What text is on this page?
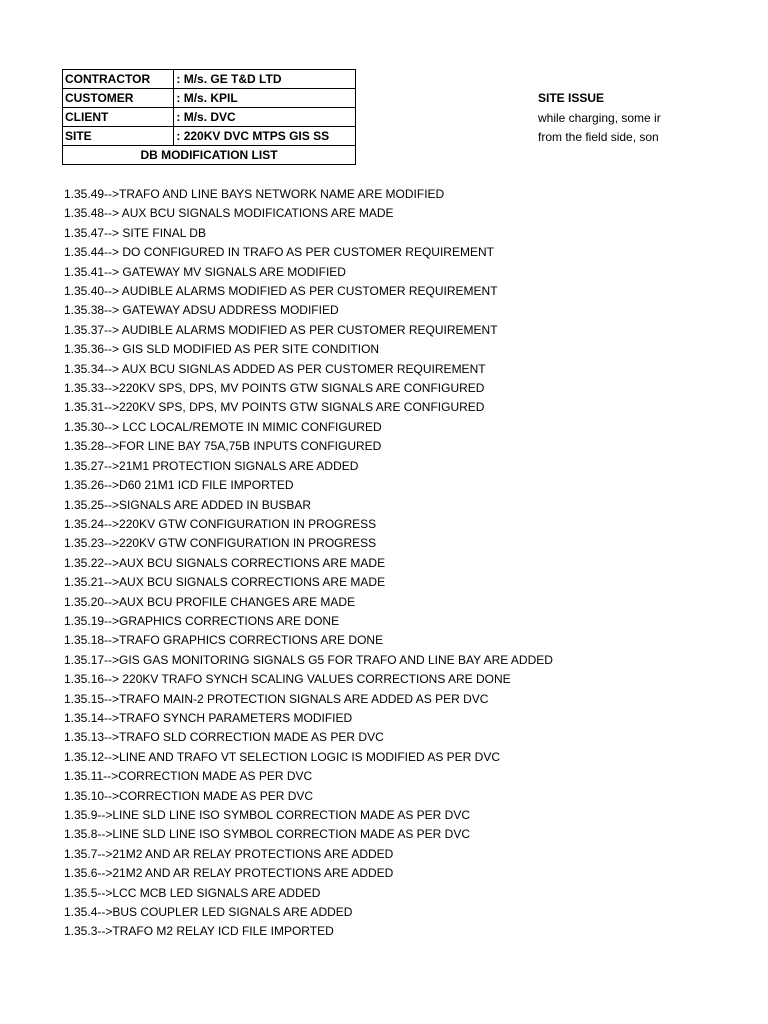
CONTRACTOR	: M/s. GE T&D LTD
CUSTOMER	: M/s. KPIL
CLIENT	: M/s. DVC
SITE	: 220KV DVC MTPS GIS SS
DB MODIFICATION LIST	
SITE ISSUE
while charging, some ir
from the field side, son
1.35.49-->TRAFO AND LINE BAYS NETWORK NAME ARE MODIFIED
1.35.48--> AUX BCU SIGNALS MODIFICATIONS ARE MADE
1.35.47--> SITE FINAL DB
1.35.44--> DO CONFIGURED IN TRAFO AS PER CUSTOMER REQUIREMENT
1.35.41--> GATEWAY MV SIGNALS ARE MODIFIED
1.35.40--> AUDIBLE ALARMS MODIFIED AS PER CUSTOMER REQUIREMENT
1.35.38--> GATEWAY ADSU ADDRESS MODIFIED
1.35.37--> AUDIBLE ALARMS MODIFIED AS PER CUSTOMER REQUIREMENT
1.35.36--> GIS SLD MODIFIED AS PER SITE CONDITION
1.35.34--> AUX BCU SIGNLAS ADDED AS PER CUSTOMER REQUIREMENT
1.35.33-->220KV SPS, DPS, MV POINTS GTW SIGNALS ARE CONFIGURED
1.35.31-->220KV SPS, DPS, MV POINTS GTW SIGNALS ARE CONFIGURED
1.35.30--> LCC LOCAL/REMOTE IN MIMIC CONFIGURED
1.35.28-->FOR LINE BAY 75A,75B INPUTS CONFIGURED
1.35.27-->21M1 PROTECTION SIGNALS ARE ADDED
1.35.26-->D60 21M1 ICD FILE IMPORTED
1.35.25-->SIGNALS ARE ADDED IN BUSBAR
1.35.24-->220KV GTW CONFIGURATION IN PROGRESS
1.35.23-->220KV GTW CONFIGURATION IN PROGRESS
1.35.22-->AUX BCU SIGNALS CORRECTIONS ARE MADE
1.35.21-->AUX BCU SIGNALS CORRECTIONS ARE MADE
1.35.20-->AUX BCU PROFILE CHANGES ARE MADE
1.35.19-->GRAPHICS CORRECTIONS ARE DONE
1.35.18-->TRAFO GRAPHICS CORRECTIONS ARE DONE
1.35.17-->GIS GAS MONITORING SIGNALS G5 FOR TRAFO AND LINE BAY ARE ADDED
1.35.16--> 220KV TRAFO SYNCH SCALING VALUES CORRECTIONS ARE DONE
1.35.15-->TRAFO MAIN-2 PROTECTION SIGNALS ARE ADDED AS PER DVC
1.35.14-->TRAFO SYNCH PARAMETERS MODIFIED
1.35.13-->TRAFO SLD CORRECTION MADE AS PER DVC
1.35.12-->LINE AND TRAFO VT SELECTION LOGIC IS MODIFIED AS PER DVC
1.35.11-->CORRECTION MADE AS PER DVC
1.35.10-->CORRECTION MADE AS PER DVC
1.35.9-->LINE SLD LINE ISO SYMBOL CORRECTION MADE AS PER DVC
1.35.8-->LINE SLD LINE ISO SYMBOL CORRECTION MADE AS PER DVC
1.35.7-->21M2 AND AR RELAY PROTECTIONS ARE ADDED
1.35.6-->21M2 AND AR RELAY PROTECTIONS ARE ADDED
1.35.5-->LCC MCB LED SIGNALS ARE ADDED
1.35.4-->BUS COUPLER LED SIGNALS ARE ADDED
1.35.3-->TRAFO M2 RELAY ICD FILE IMPORTED
